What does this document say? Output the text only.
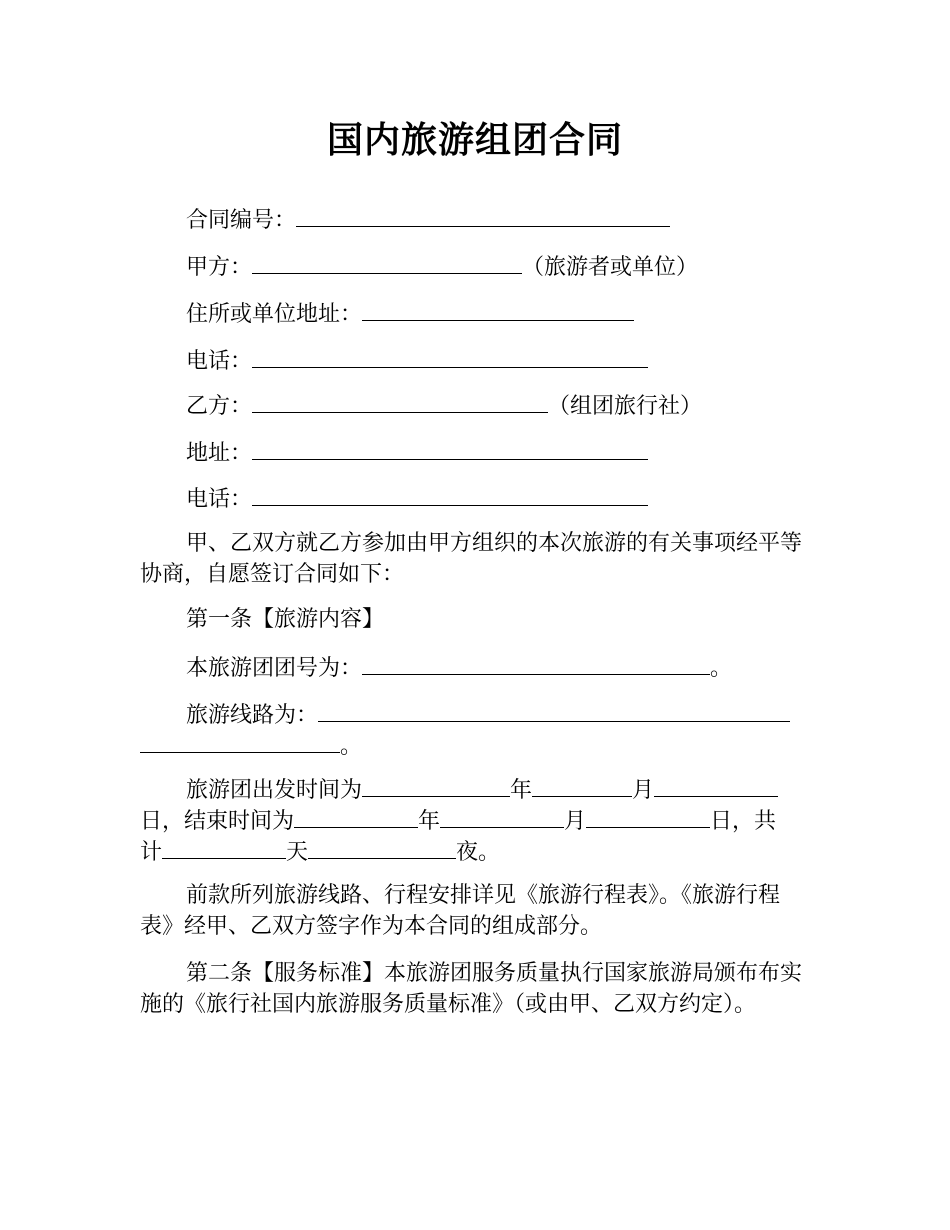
国内旅游组团合同
合同编号：
甲方：	（旅游者或单位）
住所或单位地址：
电话：
乙方：	（组团旅行社）
地址：
电话：
甲、乙双方就乙方参加由甲方组织的本次旅游的有关事项经平等协商，自愿签订合同如下：
第一条【旅游内容】
本旅游团团号为：	。
旅游线路为：
。
旅游团出发时间为	年	月
日，结束时间为	年	月	日，共
计	天	夜。
前款所列旅游线路、行程安排详见《旅游行程表》。《旅游行程表》经甲、乙双方签字作为本合同的组成部分。
第二条【服务标准】本旅游团服务质量执行国家旅游局颁布布实施的《旅行社国内旅游服务质量标准》（或由甲、乙双方约定）。
